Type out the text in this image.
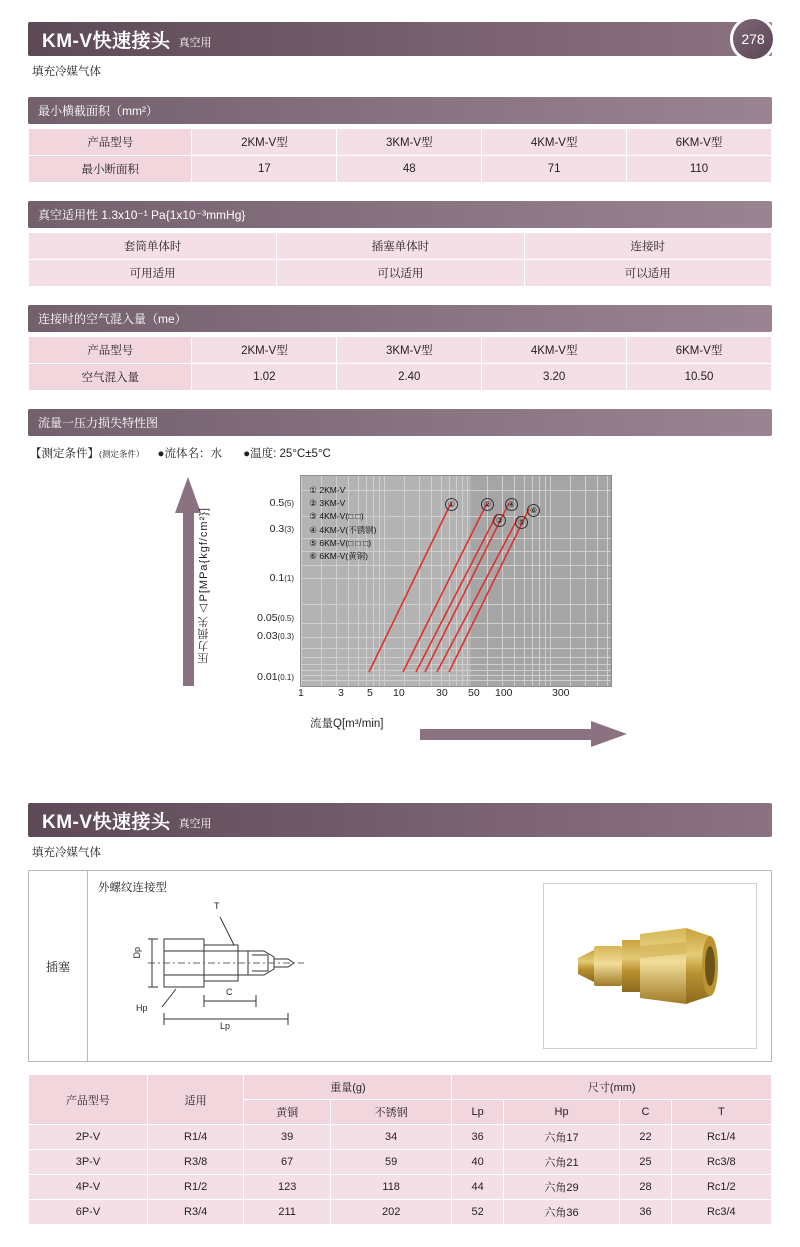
KM-V快速接头 真空用	278
填充冷媒气体
最小横截面积（mm²）
产品型号	2KM-V型	3KM-V型	4KM-V型	6KM-V型
最小断面积	17	48	71	110
真空适用性 1.3x10⁻¹ Pa{1x10⁻³mmHg}
套筒单体时	插塞单体时	连接时
可用适用	可以适用	可以适用
连接时的空气混入量（me）
产品型号	2KM-V型	3KM-V型	4KM-V型	6KM-V型
空气混入量	1.02	2.40	3.20	10.50
流量一压力损失特性图
【测定条件】(测定条件） ●流体名：水 ●温度: 25°C±5°C
压力损失△P[MPa{kgf/cm²}]
0.5(5)
0.3(3)
0.1(1)
0.05(0.5)
0.03(0.3)
0.01(0.1)
① 2KM-V
② 3KM-V
③ 4KM-V(□ □)
④ 4KM-V(不锈钢)
⑤ 6KM-V(□ □ □)
⑥ 6KM-V(黄铜)
①	②
③
④
⑤
⑥
1	3 5 10	30 50 100	300
流量Q[m³/min]
KM-V快速接头 真空用
填充冷媒气体
插塞
外螺纹连接型
T
Dp
Hp
C
Lp
产品型号	适用	重量(g)		尺寸(mm)			
		黄铜	不锈钢	Lp	Hp	C	T
2P-V	R1/4	39	34	36	六角17	22	Rc1/4
3P-V	R3/8	67	59	40	六角21	25	Rc3/8
4P-V	R1/2	123	118	44	六角29	28	Rc1/2
6P-V	R3/4	211	202	52	六角36	36	Rc3/4
